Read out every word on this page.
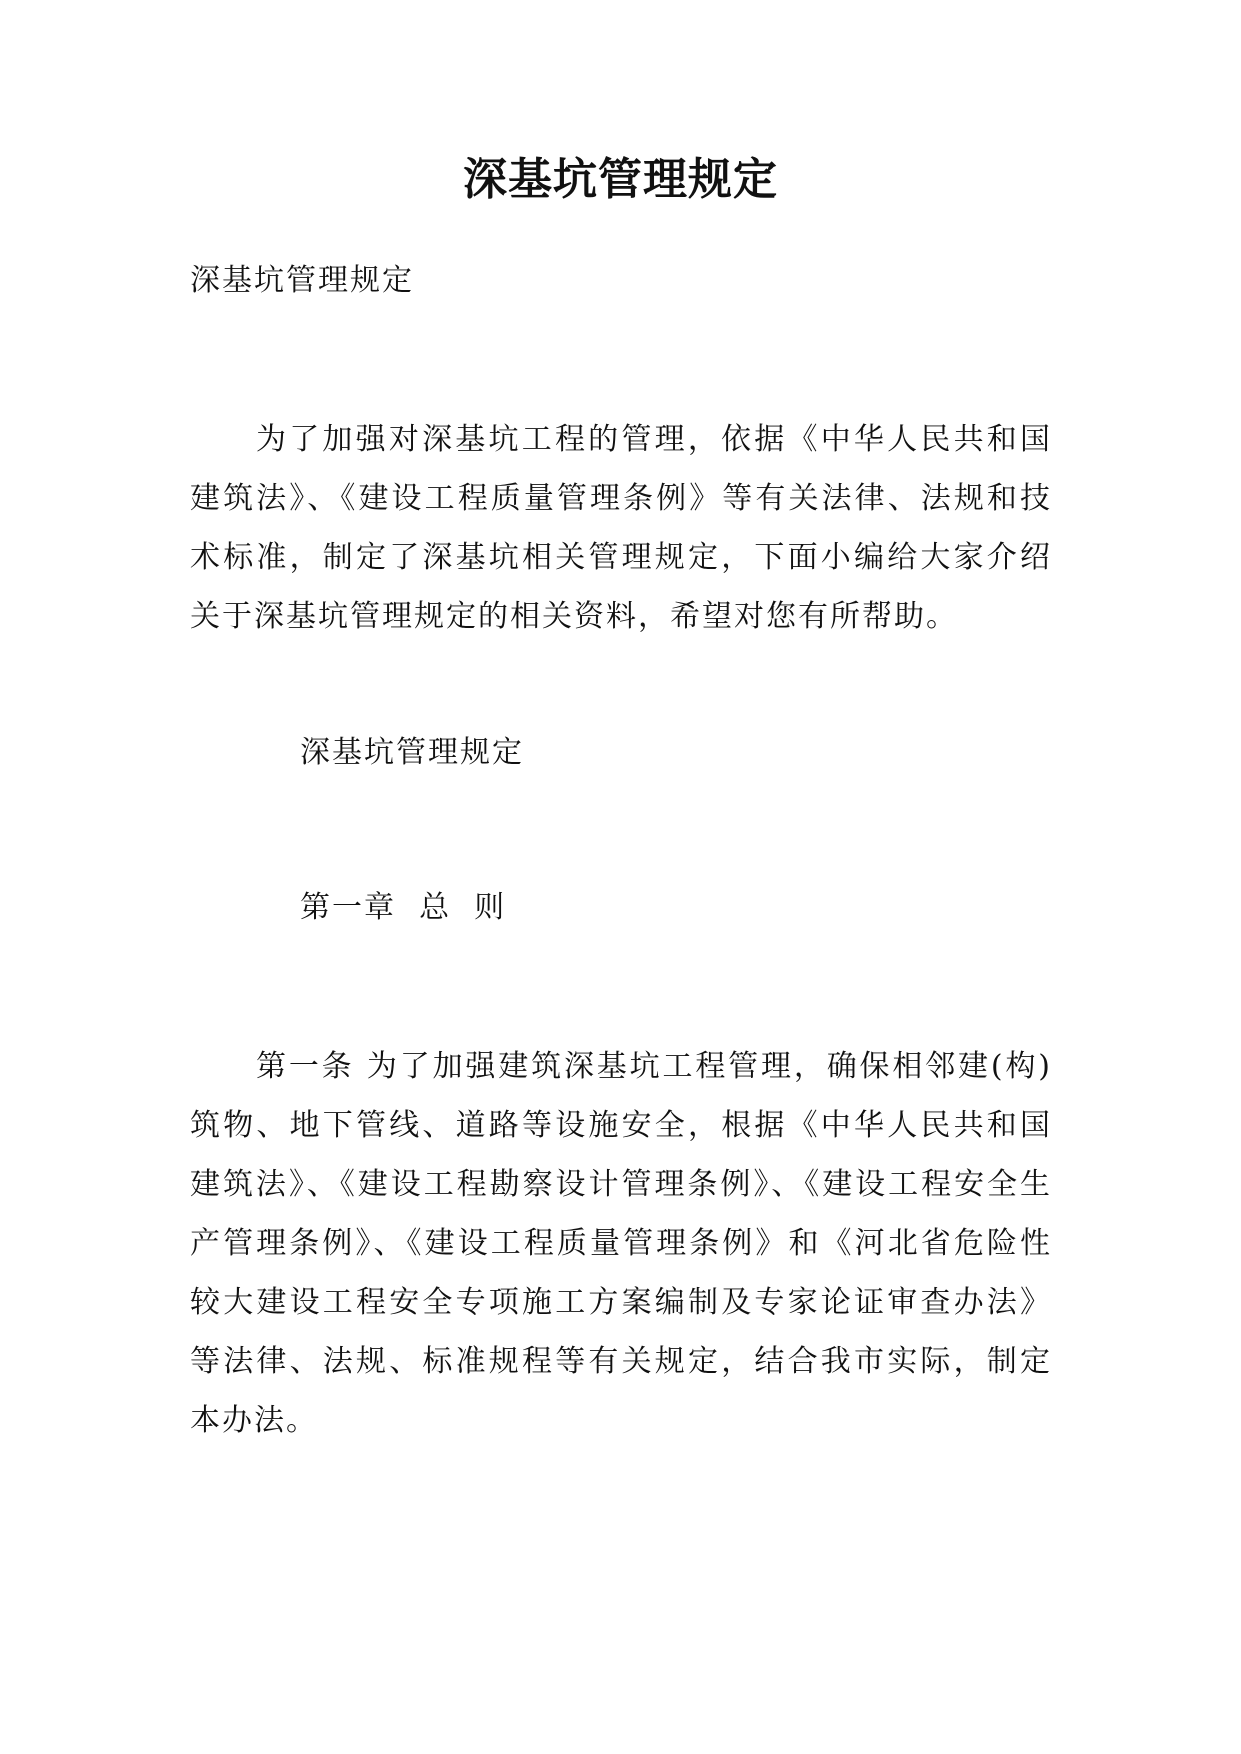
深基坑管理规定
深基坑管理规定
为了加强对深基坑工程的管理，依据《中华人民共和国建筑法》、《建设工程质量管理条例》等有关法律、法规和技术标准，制定了深基坑相关管理规定，下面小编给大家介绍关于深基坑管理规定的相关资料，希望对您有所帮助。
深基坑管理规定
第一章  总  则
第一条 为了加强建筑深基坑工程管理，确保相邻建(构)筑物、地下管线、道路等设施安全，根据《中华人民共和国建筑法》、《建设工程勘察设计管理条例》、《建设工程安全生产管理条例》、《建设工程质量管理条例》和《河北省危险性较大建设工程安全专项施工方案编制及专家论证审查办法》等法律、法规、标准规程等有关规定，结合我市实际，制定本办法。
